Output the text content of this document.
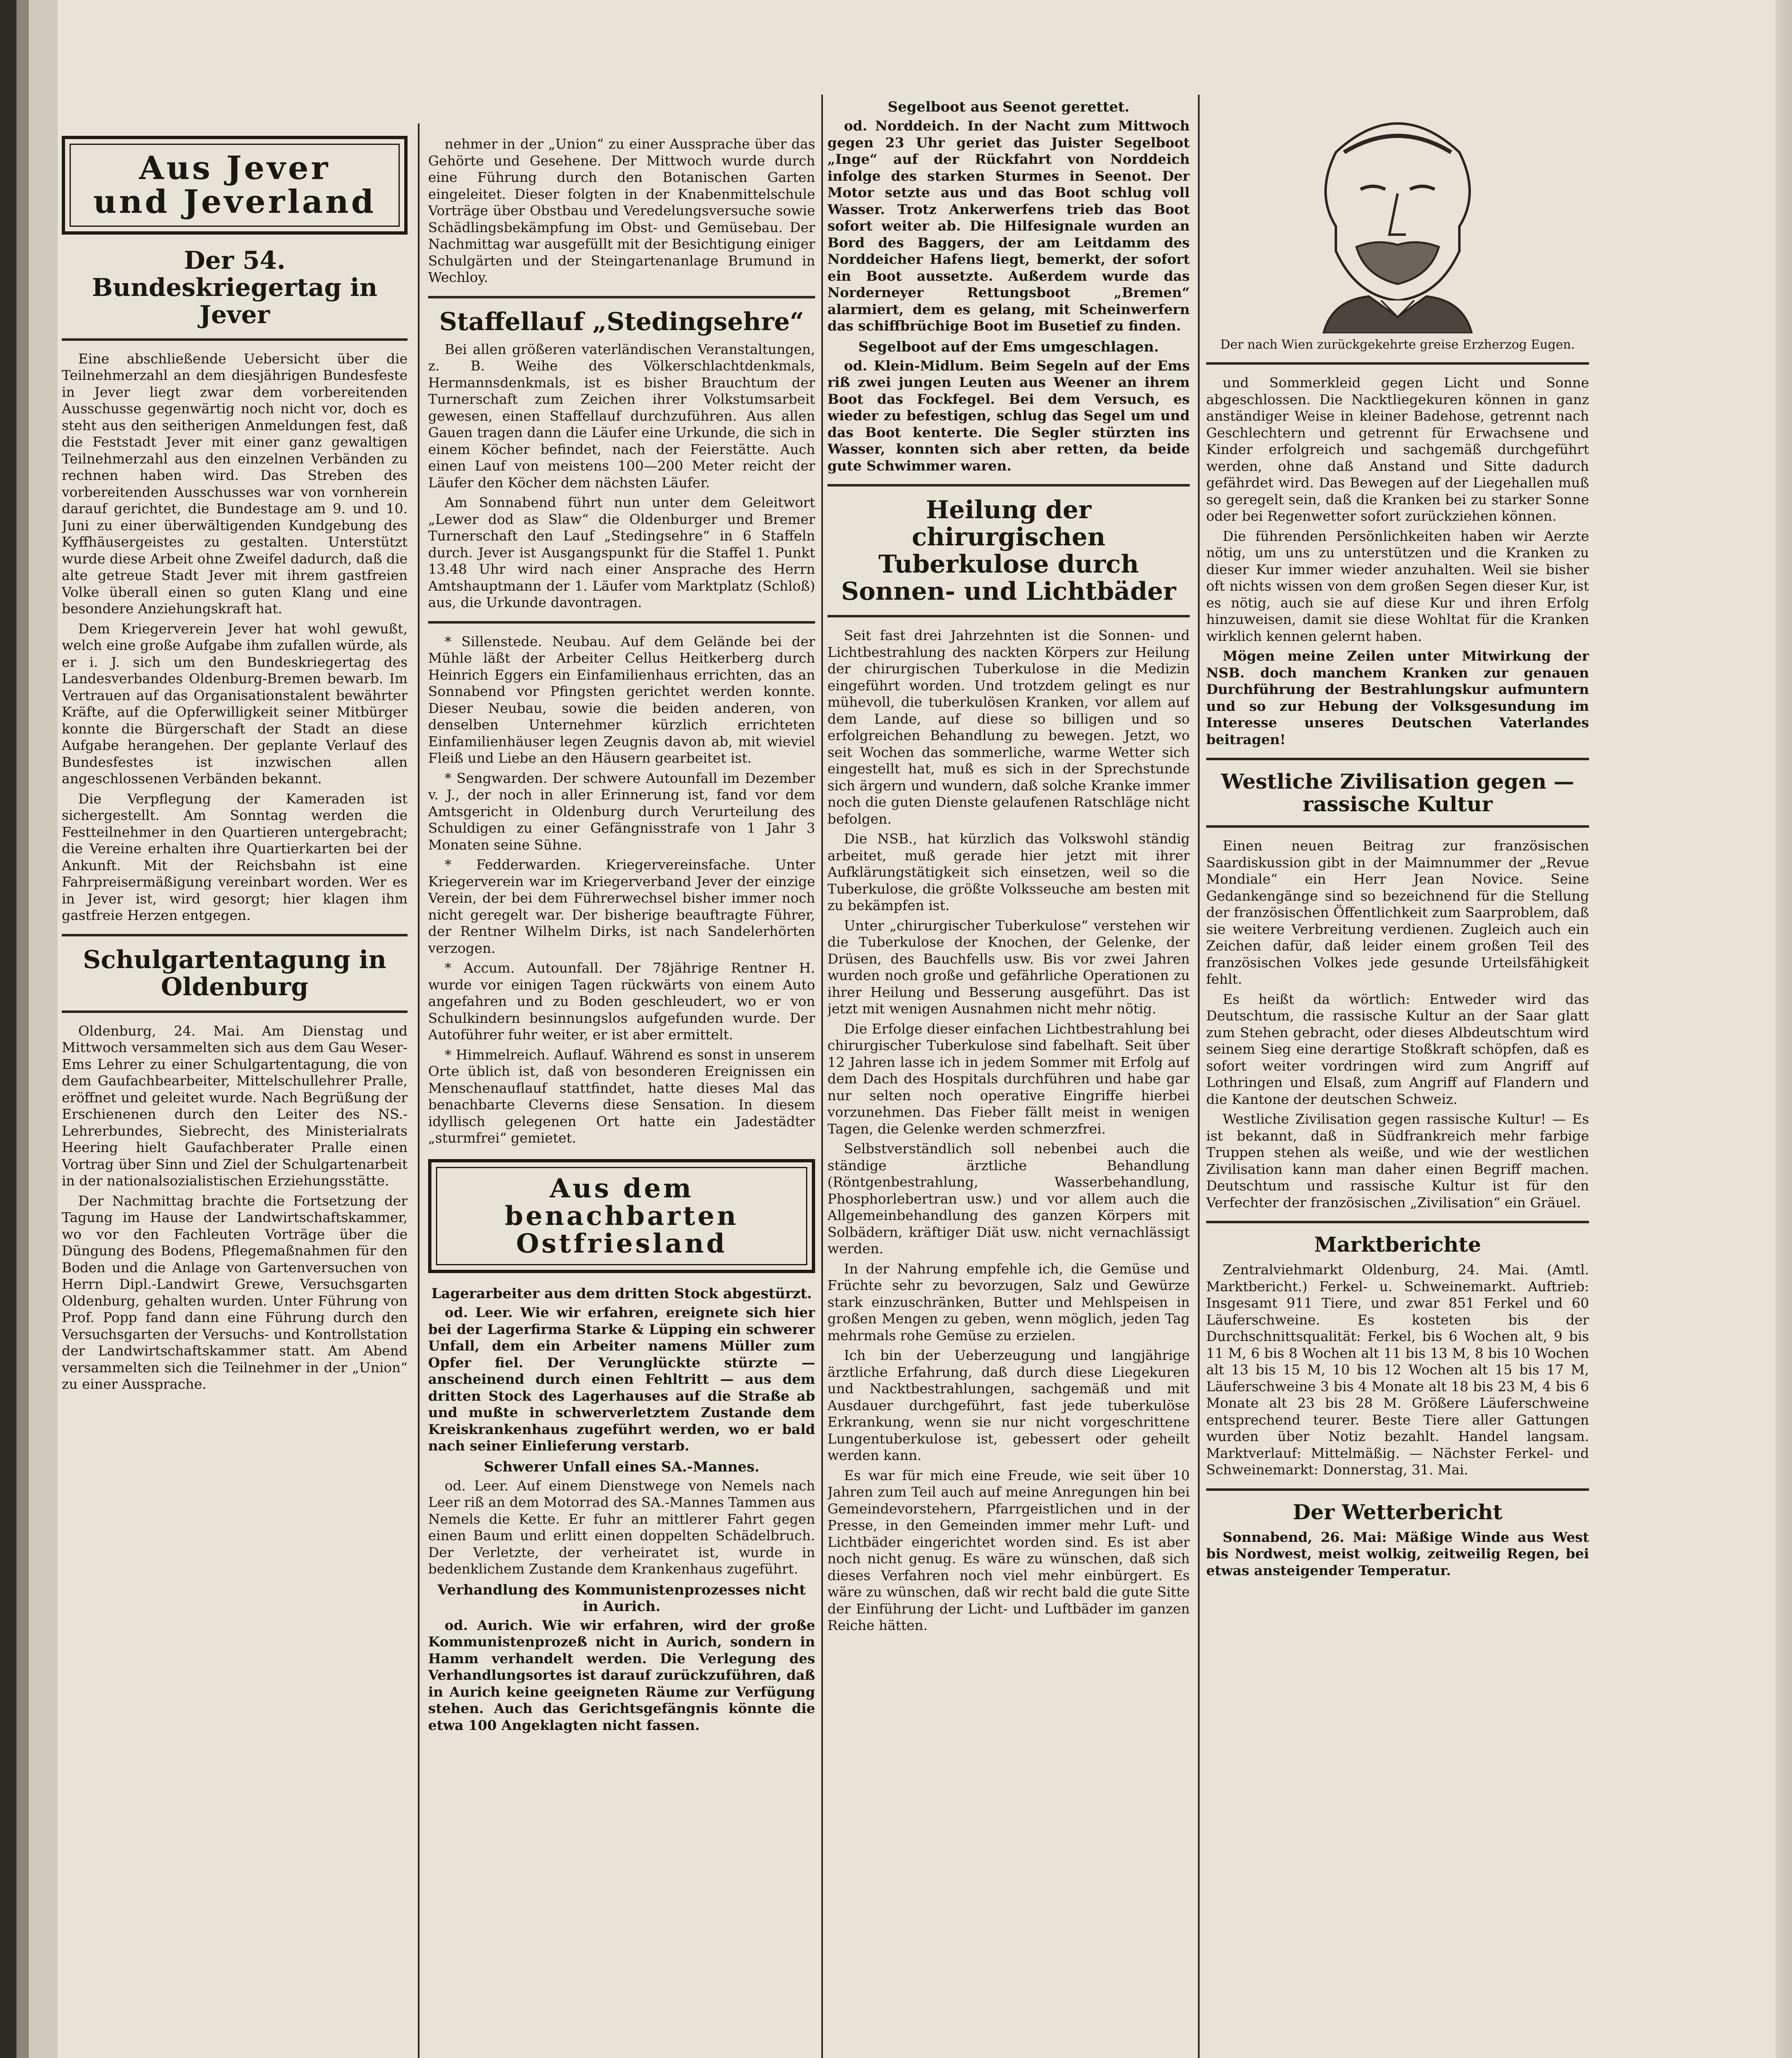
Aus Jever
und Jeverland
Der 54. Bundeskriegertag in Jever

Eine abschließende Uebersicht über die Teilnehmerzahl an dem diesjährigen Bundesfeste in Jever liegt zwar dem vorbereitenden Ausschusse gegenwärtig noch nicht vor, doch es steht aus den seitherigen Anmeldungen fest, daß die Feststadt Jever mit einer ganz gewaltigen Teilnehmerzahl aus den einzelnen Verbänden zu rechnen haben wird. Das Streben des vorbereitenden Ausschusses war von vornherein darauf gerichtet, die Bundestage am 9. und 10. Juni zu einer überwältigenden Kundgebung des Kyffhäusergeistes zu gestalten. Unterstützt wurde diese Arbeit ohne Zweifel dadurch, daß die alte getreue Stadt Jever mit ihrem gastfreien Volke überall einen so guten Klang und eine besondere Anziehungskraft hat.

Dem Kriegerverein Jever hat wohl gewußt, welch eine große Aufgabe ihm zufallen würde, als er i. J. sich um den Bundeskriegertag des Landesverbandes Oldenburg-Bremen bewarb. Im Vertrauen auf das Organisationstalent bewährter Kräfte, auf die Opferwilligkeit seiner Mitbürger konnte die Bürgerschaft der Stadt an diese Aufgabe herangehen. Der geplante Verlauf des Bundesfestes ist inzwischen allen angeschlossenen Verbänden bekannt.

Die Verpflegung der Kameraden ist sichergestellt. Am Sonntag werden die Festteilnehmer in den Quartieren untergebracht; die Vereine erhalten ihre Quartierkarten bei der Ankunft. Mit der Reichsbahn ist eine Fahrpreisermäßigung vereinbart worden. Wer es in Jever ist, wird gesorgt; hier klagen ihm gastfreie Herzen entgegen.

Schulgartentagung in Oldenburg

Oldenburg, 24. Mai. Am Dienstag und Mittwoch versammelten sich aus dem Gau Weser-Ems Lehrer zu einer Schulgartentagung, die von dem Gaufachbearbeiter, Mittelschullehrer Pralle, eröffnet und geleitet wurde. Nach Begrüßung der Erschienenen durch den Leiter des NS.-Lehrerbundes, Siebrecht, des Ministerialrats Heering hielt Gaufachberater Pralle einen Vortrag über Sinn und Ziel der Schulgartenarbeit in der nationalsozialistischen Erziehungsstätte.

Der Nachmittag brachte die Fortsetzung der Tagung im Hause der Landwirtschaftskammer, wo vor den Fachleuten Vorträge über die Düngung des Bodens, Pflegemaßnahmen für den Boden und die Anlage von Gartenversuchen von Herrn Dipl.-Landwirt Grewe, Versuchsgarten Oldenburg, gehalten wurden. Unter Führung von Prof. Popp fand dann eine Führung durch den Versuchsgarten der Versuchs- und Kontrollstation der Landwirtschaftskammer statt. Am Abend versammelten sich die Teilnehmer in der „Union“ zu einer Aussprache.

nehmer in der „Union“ zu einer Aussprache über das Gehörte und Gesehene. Der Mittwoch wurde durch eine Führung durch den Botanischen Garten eingeleitet. Dieser folgten in der Knabenmittelschule Vorträge über Obstbau und Veredelungsversuche sowie Schädlingsbekämpfung im Obst- und Gemüsebau. Der Nachmittag war ausgefüllt mit der Besichtigung einiger Schulgärten und der Steingartenanlage Brumund in Wechloy.

Staffellauf „Stedingsehre“

Bei allen größeren vaterländischen Veranstaltungen, z. B. Weihe des Völkerschlachtdenkmals, Hermannsdenkmals, ist es bisher Brauchtum der Turnerschaft zum Zeichen ihrer Volkstumsarbeit gewesen, einen Staffellauf durchzuführen. Aus allen Gauen tragen dann die Läufer eine Urkunde, die sich in einem Köcher befindet, nach der Feierstätte. Auch einen Lauf von meistens 100—200 Meter reicht der Läufer den Köcher dem nächsten Läufer.

Am Sonnabend führt nun unter dem Geleitwort „Lewer dod as Slaw“ die Oldenburger und Bremer Turnerschaft den Lauf „Stedingsehre“ in 6 Staffeln durch. Jever ist Ausgangspunkt für die Staffel 1. Punkt 13.48 Uhr wird nach einer Ansprache des Herrn Amtshauptmann der 1. Läufer vom Marktplatz (Schloß) aus, die Urkunde davontragen.

* Sillenstede. Neubau. Auf dem Gelände bei der Mühle läßt der Arbeiter Cellus Heitkerberg durch Heinrich Eggers ein Einfamilienhaus errichten, das an Sonnabend vor Pfingsten gerichtet werden konnte. Dieser Neubau, sowie die beiden anderen, von denselben Unternehmer kürzlich errichteten Einfamilienhäuser legen Zeugnis davon ab, mit wieviel Fleiß und Liebe an den Häusern gearbeitet ist.

* Sengwarden. Der schwere Autounfall im Dezember v. J., der noch in aller Erinnerung ist, fand vor dem Amtsgericht in Oldenburg durch Verurteilung des Schuldigen zu einer Gefängnisstrafe von 1 Jahr 3 Monaten seine Sühne.

* Fedderwarden. Kriegervereinsfache. Unter Kriegerverein war im Kriegerverband Jever der einzige Verein, der bei dem Führerwechsel bisher immer noch nicht geregelt war. Der bisherige beauftragte Führer, der Rentner Wilhelm Dirks, ist nach Sandelerhörten verzogen.

* Accum. Autounfall. Der 78jährige Rentner H. wurde vor einigen Tagen rückwärts von einem Auto angefahren und zu Boden geschleudert, wo er von Schulkindern besinnungslos aufgefunden wurde. Der Autoführer fuhr weiter, er ist aber ermittelt.

* Himmelreich. Auflauf. Während es sonst in unserem Orte üblich ist, daß von besonderen Ereignissen ein Menschenauflauf stattfindet, hatte dieses Mal das benachbarte Cleverns diese Sensation. In diesem idyllisch gelegenen Ort hatte ein Jadestädter „sturmfrei“ gemietet.

Aus dem benachbarten
Ostfriesland
Lagerarbeiter aus dem dritten Stock abgestürzt.

od. Leer. Wie wir erfahren, ereignete sich hier bei der Lagerfirma Starke & Lüpping ein schwerer Unfall, dem ein Arbeiter namens Müller zum Opfer fiel. Der Verunglückte stürzte — anscheinend durch einen Fehltritt — aus dem dritten Stock des Lagerhauses auf die Straße ab und mußte in schwerverletztem Zustande dem Kreiskrankenhaus zugeführt werden, wo er bald nach seiner Einlieferung verstarb.

Schwerer Unfall eines SA.-Mannes.

od. Leer. Auf einem Dienstwege von Nemels nach Leer riß an dem Motorrad des SA.-Mannes Tammen aus Nemels die Kette. Er fuhr an mittlerer Fahrt gegen einen Baum und erlitt einen doppelten Schädelbruch. Der Verletzte, der verheiratet ist, wurde in bedenklichem Zustande dem Krankenhaus zugeführt.

Verhandlung des Kommunistenprozesses nicht in Aurich.

od. Aurich. Wie wir erfahren, wird der große Kommunistenprozeß nicht in Aurich, sondern in Hamm verhandelt werden. Die Verlegung des Verhandlungsortes ist darauf zurückzuführen, daß in Aurich keine geeigneten Räume zur Verfügung stehen. Auch das Gerichtsgefängnis könnte die etwa 100 Angeklagten nicht fassen.

Segelboot aus Seenot gerettet.

od. Norddeich. In der Nacht zum Mittwoch gegen 23 Uhr geriet das Juister Segelboot „Inge“ auf der Rückfahrt von Norddeich infolge des starken Sturmes in Seenot. Der Motor setzte aus und das Boot schlug voll Wasser. Trotz Ankerwerfens trieb das Boot sofort weiter ab. Die Hilfesignale wurden an Bord des Baggers, der am Leitdamm des Norddeicher Hafens liegt, bemerkt, der sofort ein Boot aussetzte. Außerdem wurde das Norderneyer Rettungsboot „Bremen“ alarmiert, dem es gelang, mit Scheinwerfern das schiffbrüchige Boot im Busetief zu finden.

Segelboot auf der Ems umgeschlagen.

od. Klein-Midlum. Beim Segeln auf der Ems riß zwei jungen Leuten aus Weener an ihrem Boot das Fockfegel. Bei dem Versuch, es wieder zu befestigen, schlug das Segel um und das Boot kenterte. Die Segler stürzten ins Wasser, konnten sich aber retten, da beide gute Schwimmer waren.

Heilung der chirurgischen Tuberkulose durch Sonnen- und Lichtbäder

Seit fast drei Jahrzehnten ist die Sonnen- und Lichtbestrahlung des nackten Körpers zur Heilung der chirurgischen Tuberkulose in die Medizin eingeführt worden. Und trotzdem gelingt es nur mühevoll, die tuberkulösen Kranken, vor allem auf dem Lande, auf diese so billigen und so erfolgreichen Behandlung zu bewegen. Jetzt, wo seit Wochen das sommerliche, warme Wetter sich eingestellt hat, muß es sich in der Sprechstunde sich ärgern und wundern, daß solche Kranke immer noch die guten Dienste gelaufenen Ratschläge nicht befolgen.

Die NSB., hat kürzlich das Volkswohl ständig arbeitet, muß gerade hier jetzt mit ihrer Aufklärungstätigkeit sich einsetzen, weil so die Tuberkulose, die größte Volksseuche am besten mit zu bekämpfen ist.

Unter „chirurgischer Tuberkulose“ verstehen wir die Tuberkulose der Knochen, der Gelenke, der Drüsen, des Bauchfells usw. Bis vor zwei Jahren wurden noch große und gefährliche Operationen zu ihrer Heilung und Besserung ausgeführt. Das ist jetzt mit wenigen Ausnahmen nicht mehr nötig.

Die Erfolge dieser einfachen Lichtbestrahlung bei chirurgischer Tuberkulose sind fabelhaft. Seit über 12 Jahren lasse ich in jedem Sommer mit Erfolg auf dem Dach des Hospitals durchführen und habe gar nur selten noch operative Eingriffe hierbei vorzunehmen. Das Fieber fällt meist in wenigen Tagen, die Gelenke werden schmerzfrei.

Selbstverständlich soll nebenbei auch die ständige ärztliche Behandlung (Röntgenbestrahlung, Wasserbehandlung, Phosphorlebertran usw.) und vor allem auch die Allgemeinbehandlung des ganzen Körpers mit Solbädern, kräftiger Diät usw. nicht vernachlässigt werden.

In der Nahrung empfehle ich, die Gemüse und Früchte sehr zu bevorzugen, Salz und Gewürze stark einzuschränken, Butter und Mehlspeisen in großen Mengen zu geben, wenn möglich, jeden Tag mehrmals rohe Gemüse zu erzielen.

Ich bin der Ueberzeugung und langjährige ärztliche Erfahrung, daß durch diese Liegekuren und Nacktbestrahlungen, sachgemäß und mit Ausdauer durchgeführt, fast jede tuberkulöse Erkrankung, wenn sie nur nicht vorgeschrittene Lungentuberkulose ist, gebessert oder geheilt werden kann.

Es war für mich eine Freude, wie seit über 10 Jahren zum Teil auch auf meine Anregungen hin bei Gemeindevorstehern, Pfarrgeistlichen und in der Presse, in den Gemeinden immer mehr Luft- und Lichtbäder eingerichtet worden sind. Es ist aber noch nicht genug. Es wäre zu wünschen, daß sich dieses Verfahren noch viel mehr einbürgert. Es wäre zu wünschen, daß wir recht bald die gute Sitte der Einführung der Licht- und Luftbäder im ganzen Reiche hätten.

Der nach Wien zurückgekehrte greise Erzherzog Eugen.

und Sommerkleid gegen Licht und Sonne abgeschlossen. Die Nacktliegekuren können in ganz anständiger Weise in kleiner Badehose, getrennt nach Geschlechtern und getrennt für Erwachsene und Kinder erfolgreich und sachgemäß durchgeführt werden, ohne daß Anstand und Sitte dadurch gefährdet wird. Das Bewegen auf der Liegehallen muß so geregelt sein, daß die Kranken bei zu starker Sonne oder bei Regenwetter sofort zurückziehen können.

Die führenden Persönlichkeiten haben wir Aerzte nötig, um uns zu unterstützen und die Kranken zu dieser Kur immer wieder anzuhalten. Weil sie bisher oft nichts wissen von dem großen Segen dieser Kur, ist es nötig, auch sie auf diese Kur und ihren Erfolg hinzuweisen, damit sie diese Wohltat für die Kranken wirklich kennen gelernt haben.

Mögen meine Zeilen unter Mitwirkung der NSB. doch manchem Kranken zur genauen Durchführung der Bestrahlungskur aufmuntern und so zur Hebung der Volksgesundung im Interesse unseres Deutschen Vaterlandes beitragen!

Westliche Zivilisation gegen — rassische Kultur

Einen neuen Beitrag zur französischen Saardiskussion gibt in der Maimnummer der „Revue Mondiale“ ein Herr Jean Novice. Seine Gedankengänge sind so bezeichnend für die Stellung der französischen Öffentlichkeit zum Saarproblem, daß sie weitere Verbreitung verdienen. Zugleich auch ein Zeichen dafür, daß leider einem großen Teil des französischen Volkes jede gesunde Urteilsfähigkeit fehlt.

Es heißt da wörtlich: Entweder wird das Deutschtum, die rassische Kultur an der Saar glatt zum Stehen gebracht, oder dieses Albdeutschtum wird seinem Sieg eine derartige Stoßkraft schöpfen, daß es sofort weiter vordringen wird zum Angriff auf Lothringen und Elsaß, zum Angriff auf Flandern und die Kantone der deutschen Schweiz.

Westliche Zivilisation gegen rassische Kultur! — Es ist bekannt, daß in Südfrankreich mehr farbige Truppen stehen als weiße, und wie der westlichen Zivilisation kann man daher einen Begriff machen. Deutschtum und rassische Kultur ist für den Verfechter der französischen „Zivilisation“ ein Gräuel.

Marktberichte

Zentralviehmarkt Oldenburg, 24. Mai. (Amtl. Marktbericht.) Ferkel- u. Schweinemarkt. Auftrieb: Insgesamt 911 Tiere, und zwar 851 Ferkel und 60 Läuferschweine. Es kosteten bis der Durchschnittsqualität: Ferkel, bis 6 Wochen alt, 9 bis 11 M, 6 bis 8 Wochen alt 11 bis 13 M, 8 bis 10 Wochen alt 13 bis 15 M, 10 bis 12 Wochen alt 15 bis 17 M, Läuferschweine 3 bis 4 Monate alt 18 bis 23 M, 4 bis 6 Monate alt 23 bis 28 M. Größere Läuferschweine entsprechend teurer. Beste Tiere aller Gattungen wurden über Notiz bezahlt. Handel langsam. Marktverlauf: Mittelmäßig. — Nächster Ferkel- und Schweinemarkt: Donnerstag, 31. Mai.

Der Wetterbericht

Sonnabend, 26. Mai: Mäßige Winde aus West bis Nordwest, meist wolkig, zeitweilig Regen, bei etwas ansteigender Temperatur.
